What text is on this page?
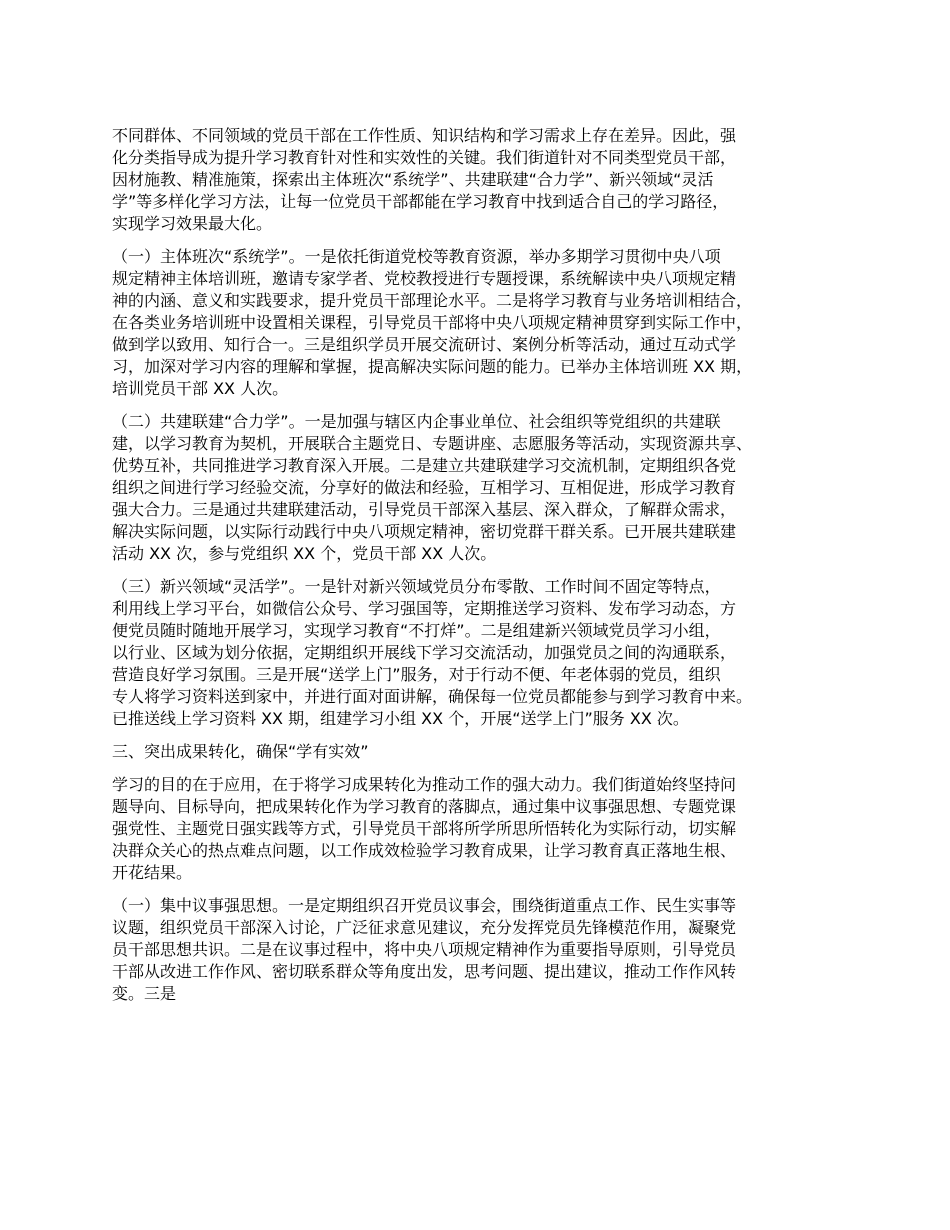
不同群体、不同领域的党员干部在工作性质、知识结构和学习需求上存在差异。因此，强
化分类指导成为提升学习教育针对性和实效性的关键。我们街道针对不同类型党员干部，
因材施教、精准施策，探索出主体班次“系统学”、共建联建“合力学”、新兴领域“灵活
学”等多样化学习方法，让每一位党员干部都能在学习教育中找到适合自己的学习路径，
实现学习效果最大化。
（一）主体班次“系统学”。一是依托街道党校等教育资源，举办多期学习贯彻中央八项
规定精神主体培训班，邀请专家学者、党校教授进行专题授课，系统解读中央八项规定精
神的内涵、意义和实践要求，提升党员干部理论水平。二是将学习教育与业务培训相结合，
在各类业务培训班中设置相关课程，引导党员干部将中央八项规定精神贯穿到实际工作中，
做到学以致用、知行合一。三是组织学员开展交流研讨、案例分析等活动，通过互动式学
习，加深对学习内容的理解和掌握，提高解决实际问题的能力。已举办主体培训班 XX 期，
培训党员干部 XX 人次。
（二）共建联建“合力学”。一是加强与辖区内企事业单位、社会组织等党组织的共建联
建，以学习教育为契机，开展联合主题党日、专题讲座、志愿服务等活动，实现资源共享、
优势互补，共同推进学习教育深入开展。二是建立共建联建学习交流机制，定期组织各党
组织之间进行学习经验交流，分享好的做法和经验，互相学习、互相促进，形成学习教育
强大合力。三是通过共建联建活动，引导党员干部深入基层、深入群众，了解群众需求，
解决实际问题，以实际行动践行中央八项规定精神，密切党群干群关系。已开展共建联建
活动 XX 次，参与党组织 XX 个，党员干部 XX 人次。
（三）新兴领域“灵活学”。一是针对新兴领域党员分布零散、工作时间不固定等特点，
利用线上学习平台，如微信公众号、学习强国等，定期推送学习资料、发布学习动态，方
便党员随时随地开展学习，实现学习教育“不打烊”。二是组建新兴领域党员学习小组，
以行业、区域为划分依据，定期组织开展线下学习交流活动，加强党员之间的沟通联系，
营造良好学习氛围。三是开展“送学上门”服务，对于行动不便、年老体弱的党员，组织
专人将学习资料送到家中，并进行面对面讲解，确保每一位党员都能参与到学习教育中来。
已推送线上学习资料 XX 期，组建学习小组 XX 个，开展“送学上门”服务 XX 次。
三、突出成果转化，确保“学有实效”
学习的目的在于应用，在于将学习成果转化为推动工作的强大动力。我们街道始终坚持问
题导向、目标导向，把成果转化作为学习教育的落脚点，通过集中议事强思想、专题党课
强党性、主题党日强实践等方式，引导党员干部将所学所思所悟转化为实际行动，切实解
决群众关心的热点难点问题，以工作成效检验学习教育成果，让学习教育真正落地生根、
开花结果。
（一）集中议事强思想。一是定期组织召开党员议事会，围绕街道重点工作、民生实事等
议题，组织党员干部深入讨论，广泛征求意见建议，充分发挥党员先锋模范作用，凝聚党
员干部思想共识。二是在议事过程中，将中央八项规定精神作为重要指导原则，引导党员
干部从改进工作作风、密切联系群众等角度出发，思考问题、提出建议，推动工作作风转
变。三是
